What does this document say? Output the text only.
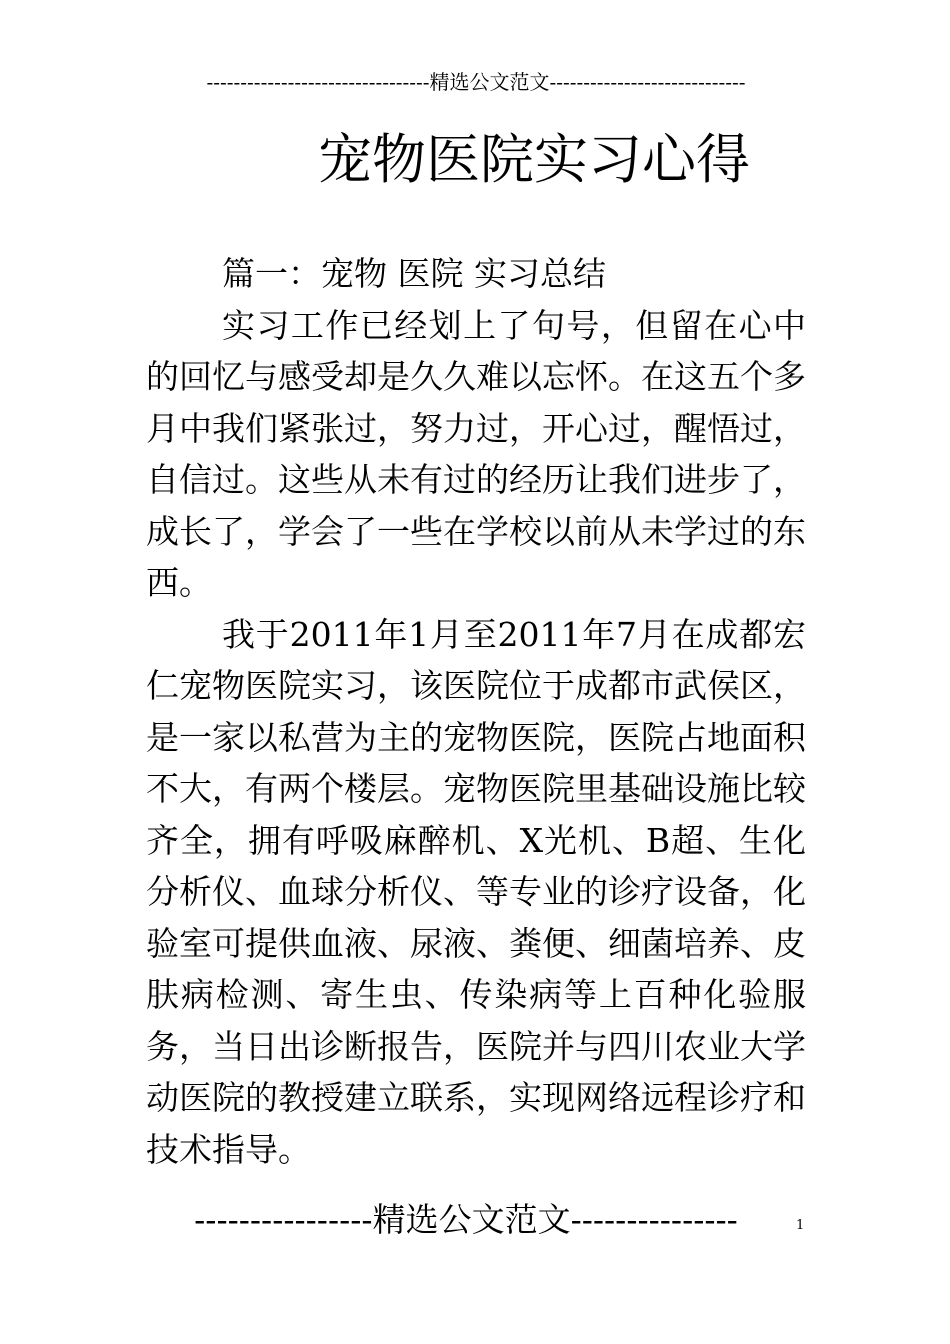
---------------------------------精选公文范文-----------------------------
宠物医院实习心得

篇一：宠物 医院 实习总结

实习工作已经划上了句号，但留在心中的回忆与感受却是久久难以忘怀。在这五个多月中我们紧张过，努力过，开心过，醒悟过，自信过。这些从未有过的经历让我们进步了，成长了，学会了一些在学校以前从未学过的东西。

我于2011年1月至2011年7月在成都宏仁宠物医院实习，该医院位于成都市武侯区，是一家以私营为主的宠物医院，医院占地面积不大，有两个楼层。宠物医院里基础设施比较齐全，拥有呼吸麻醉机、X光机、B超、生化分析仪、血球分析仪、等专业的诊疗设备，化验室可提供血液、尿液、粪便、细菌培养、皮肤病检测、寄生虫、传染病等上百种化验服务，当日出诊断报告，医院并与四川农业大学动医院的教授建立联系，实现网络远程诊疗和技术指导。

----------------精选公文范文---------------	1
